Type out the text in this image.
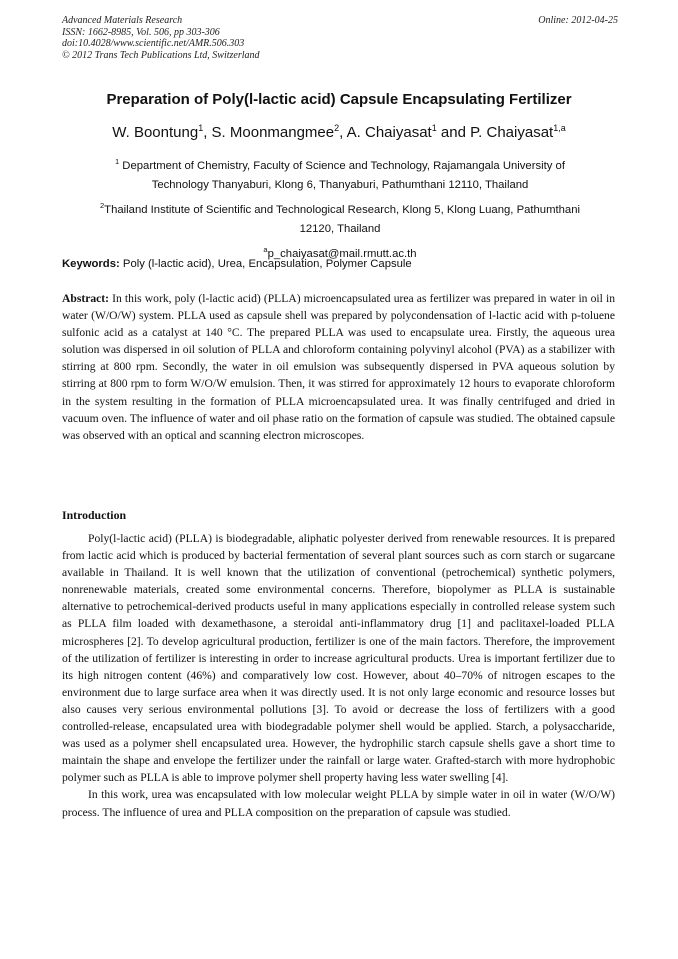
Advanced Materials Research
ISSN: 1662-8985, Vol. 506, pp 303-306
doi:10.4028/www.scientific.net/AMR.506.303
© 2012 Trans Tech Publications Ltd, Switzerland
Online: 2012-04-25
Preparation of Poly(l-lactic acid) Capsule Encapsulating Fertilizer
W. Boontung$^1$, S. Moonmangmee$^2$, A. Chaiyasat$^1$ and P. Chaiyasat$^{1,a}$
$^1$ Department of Chemistry, Faculty of Science and Technology, Rajamangala University of
Technology Thanyaburi, Klong 6, Thanyaburi, Pathumthani 12110, Thailand
$^2$Thailand Institute of Scientific and Technological Research, Klong 5, Klong Luang, Pathumthani
12120, Thailand
$^a$p_chaiyasat@mail.rmutt.ac.th
Keywords: Poly (l-lactic acid), Urea, Encapsulation, Polymer Capsule

Abstract: In this work, poly (l-lactic acid) (PLLA) microencapsulated urea as fertilizer was prepared in water in oil in water (W/O/W) system. PLLA used as capsule shell was prepared by polycondensation of l-lactic acid with p-toluene sulfonic acid as a catalyst at 140 °C. The prepared PLLA was used to encapsulate urea. Firstly, the aqueous urea solution was dispersed in oil solution of PLLA and chloroform containing polyvinyl alcohol (PVA) as a stabilizer with stirring at 800 rpm. Secondly, the water in oil emulsion was subsequently dispersed in PVA aqueous solution by stirring at 800 rpm to form W/O/W emulsion. Then, it was stirred for approximately 12 hours to evaporate chloroform in the system resulting in the formation of PLLA microencapsulated urea. It was finally centrifuged and dried in vacuum oven. The influence of water and oil phase ratio on the formation of capsule was studied. The obtained capsule was observed with an optical and scanning electron microscopes.

Introduction

Poly(l-lactic acid) (PLLA) is biodegradable, aliphatic polyester derived from renewable resources. It is prepared from lactic acid which is produced by bacterial fermentation of several plant sources such as corn starch or sugarcane available in Thailand. It is well known that the utilization of conventional (petrochemical) synthetic polymers, nonrenewable materials, created some environmental concerns. Therefore, biopolymer as PLLA is sustainable alternative to petrochemical-derived products useful in many applications especially in controlled release system such as PLLA film loaded with dexamethasone, a steroidal anti-inflammatory drug [1] and paclitaxel-loaded PLLA microspheres [2]. To develop agricultural production, fertilizer is one of the main factors. Therefore, the improvement of the utilization of fertilizer is interesting in order to increase agricultural products. Urea is important fertilizer due to its high nitrogen content (46%) and comparatively low cost. However, about 40–70% of nitrogen escapes to the environment due to large surface area when it was directly used. It is not only large economic and resource losses but also causes very serious environmental pollutions [3]. To avoid or decrease the loss of fertilizers with a good controlled-release, encapsulated urea with biodegradable polymer shell would be applied. Starch, a polysaccharide, was used as a polymer shell encapsulated urea. However, the hydrophilic starch capsule shells gave a short time to maintain the shape and envelope the fertilizer under the rainfall or large water. Grafted-starch with more hydrophobic polymer such as PLLA is able to improve polymer shell property having less water swelling [4].

In this work, urea was encapsulated with low molecular weight PLLA by simple water in oil in water (W/O/W) process. The influence of urea and PLLA composition on the preparation of capsule was studied.
